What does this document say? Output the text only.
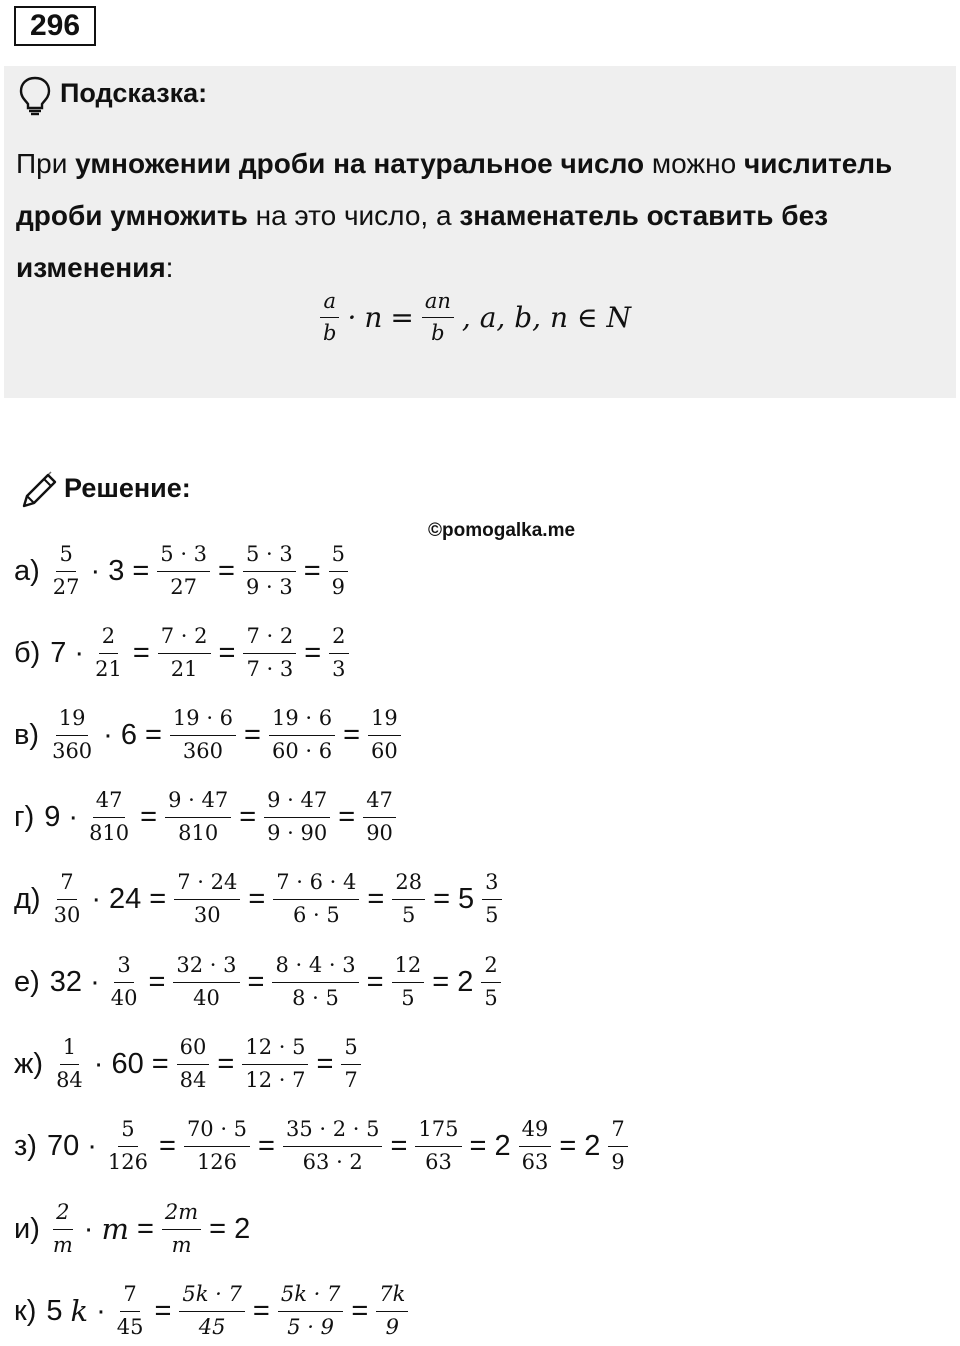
296
Подсказка:
При умножении дроби на натуральное число можно числитель дроби умножить на это число, а знаменатель оставить без изменения:
$\frac{a}{b} \cdot n = \frac{an}{b}$ , a, b, n ∈ N
Решение:
©pomogalka.me
$а) \frac{5}{27} \cdot 3 = \frac{5 \cdot 3}{27} = \frac{5 \cdot 3}{9 \cdot 3} = \frac{5}{9}$
б) $7 \cdot \frac{2}{21} = \frac{7 \cdot 2}{21} = \frac{7 \cdot 2}{7 \cdot 3} = \frac{2}{3}$
$в) \frac{19}{360} \cdot 6 = \frac{19 \cdot 6}{360} = \frac{19 \cdot 6}{60 \cdot 6} = \frac{19}{60}$
г) $9 \cdot \frac{47}{810} = \frac{9 \cdot 47}{810} = \frac{9 \cdot 47}{9 \cdot 90} = \frac{47}{90}$
$д) \frac{7}{30} \cdot 24 = \frac{7 \cdot 24}{30} = \frac{7 \cdot 6 \cdot 4}{6 \cdot 5} = \frac{28}{5} = 5 \frac{3}{5}$
е) $32 \cdot \frac{3}{40} = \frac{32 \cdot 3}{40} = \frac{8 \cdot 4 \cdot 3}{8 \cdot 5} = \frac{12}{5} = 2 \frac{2}{5}$
$ж) \frac{1}{84} \cdot 60 = \frac{60}{84} = \frac{12 \cdot 5}{12 \cdot 7} = \frac{5}{7}$
з) $70 \cdot \frac{5}{126} = \frac{70 \cdot 5}{126} = \frac{35 \cdot 2 \cdot 5}{63 \cdot 2} = \frac{175}{63} = 2 \frac{49}{63} = 2 \frac{7}{9}$
$и) \frac{2}{m} \cdot m = \frac{2m}{m} = 2$
к) 5 $k \cdot \frac{7}{45} = \frac{5k \cdot 7}{45} = \frac{5k \cdot 7}{5 \cdot 9} = \frac{7k}{9}$
